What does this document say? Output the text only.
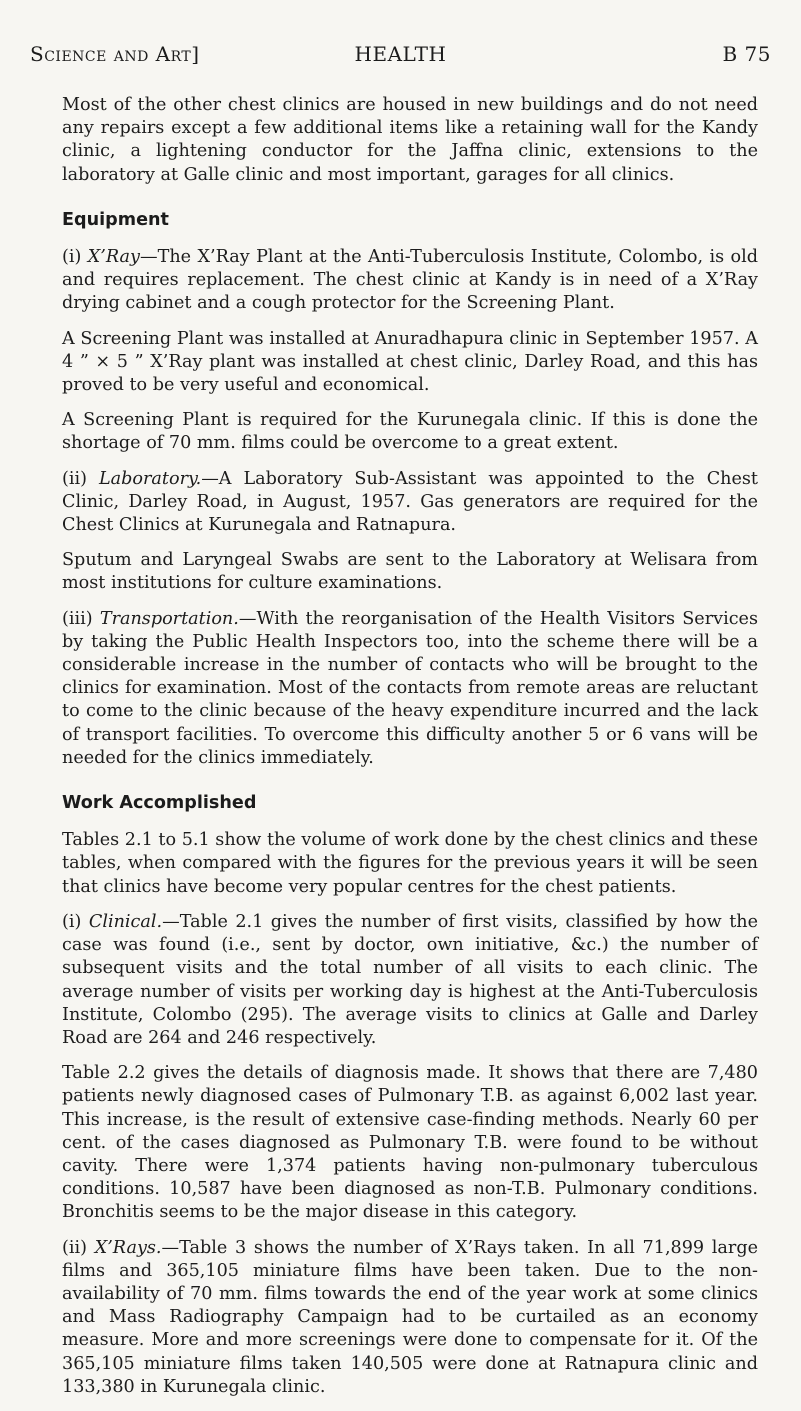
Science and Art]	HEALTH	B 75

Most of the other chest clinics are housed in new buildings and do not need any repairs except a few additional items like a retaining wall for the Kandy clinic, a lightening conductor for the Jaffna clinic, extensions to the laboratory at Galle clinic and most important, garages for all clinics.

Equipment

(i) X’Ray—The X’Ray Plant at the Anti-Tuberculosis Institute, Colombo, is old and requires replacement. The chest clinic at Kandy is in need of a X’Ray drying cabinet and a cough protector for the Screening Plant.

A Screening Plant was installed at Anuradhapura clinic in September 1957. A 4 ” × 5 ” X’Ray plant was installed at chest clinic, Darley Road, and this has proved to be very useful and economical.

A Screening Plant is required for the Kurunegala clinic. If this is done the shortage of 70 mm. films could be overcome to a great extent.

(ii) Laboratory.—A Laboratory Sub-Assistant was appointed to the Chest Clinic, Darley Road, in August, 1957. Gas generators are required for the Chest Clinics at Kurunegala and Ratnapura.

Sputum and Laryngeal Swabs are sent to the Laboratory at Welisara from most institutions for culture examinations.

(iii) Transportation.—With the reorganisation of the Health Visitors Services by taking the Public Health Inspectors too, into the scheme there will be a considerable increase in the number of contacts who will be brought to the clinics for examination. Most of the contacts from remote areas are reluctant to come to the clinic because of the heavy expenditure incurred and the lack of transport facilities. To overcome this difficulty another 5 or 6 vans will be needed for the clinics immediately.

Work Accomplished

Tables 2.1 to 5.1 show the volume of work done by the chest clinics and these tables, when compared with the figures for the previous years it will be seen that clinics have become very popular centres for the chest patients.

(i) Clinical.—Table 2.1 gives the number of first visits, classified by how the case was found (i.e., sent by doctor, own initiative, &c.) the number of subsequent visits and the total number of all visits to each clinic. The average number of visits per working day is highest at the Anti-Tuberculosis Institute, Colombo (295). The average visits to clinics at Galle and Darley Road are 264 and 246 respectively.

Table 2.2 gives the details of diagnosis made. It shows that there are 7,480 patients newly diagnosed cases of Pulmonary T.B. as against 6,002 last year. This increase, is the result of extensive case-finding methods. Nearly 60 per cent. of the cases diagnosed as Pulmonary T.B. were found to be without cavity. There were 1,374 patients having non-pulmonary tuberculous conditions. 10,587 have been diagnosed as non-T.B. Pulmonary conditions. Bronchitis seems to be the major disease in this category.

(ii) X’Rays.—Table 3 shows the number of X’Rays taken. In all 71,899 large films and 365,105 miniature films have been taken. Due to the non-availability of 70 mm. films towards the end of the year work at some clinics and Mass Radiography Campaign had to be curtailed as an economy measure. More and more screenings were done to compensate for it. Of the 365,105 miniature films taken 140,505 were done at Ratnapura clinic and 133,380 in Kurunegala clinic.
